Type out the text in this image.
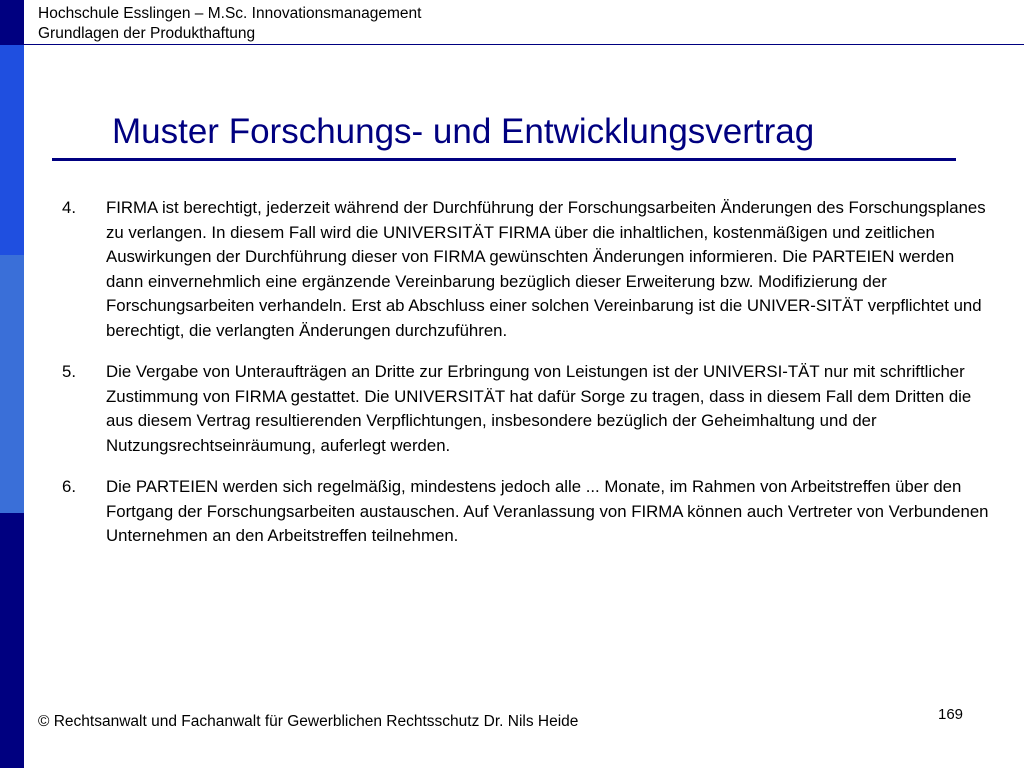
Hochschule Esslingen – M.Sc. Innovationsmanagement
Grundlagen der Produkthaftung
Muster Forschungs- und Entwicklungsvertrag
4. FIRMA ist berechtigt, jederzeit während der Durchführung der Forschungsarbeiten Änderungen des Forschungsplanes zu verlangen. In diesem Fall wird die UNIVERSITÄT FIRMA über die inhaltlichen, kostenmäßigen und zeitlichen Auswirkungen der Durchführung dieser von FIRMA gewünschten Änderungen informieren. Die PARTEIEN werden dann einvernehmlich eine ergänzende Vereinbarung bezüglich dieser Erweiterung bzw. Modifizierung der Forschungsarbeiten verhandeln. Erst ab Abschluss einer solchen Vereinbarung ist die UNIVER-SITÄT verpflichtet und berechtigt, die verlangten Änderungen durchzuführen.
5. Die Vergabe von Unteraufträgen an Dritte zur Erbringung von Leistungen ist der UNIVERSI-TÄT nur mit schriftlicher Zustimmung von FIRMA gestattet. Die UNIVERSITÄT hat dafür Sorge zu tragen, dass in diesem Fall dem Dritten die aus diesem Vertrag resultierenden Verpflichtungen, insbesondere bezüglich der Geheimhaltung und der Nutzungsrechtseinräumung, auferlegt werden.
6. Die PARTEIEN werden sich regelmäßig, mindestens jedoch alle ... Monate, im Rahmen von Arbeitstreffen über den Fortgang der Forschungsarbeiten austauschen. Auf Veranlassung von FIRMA können auch Vertreter von Verbundenen Unternehmen an den Arbeitstreffen teilnehmen.
© Rechtsanwalt und Fachanwalt für Gewerblichen Rechtsschutz Dr. Nils Heide	169
